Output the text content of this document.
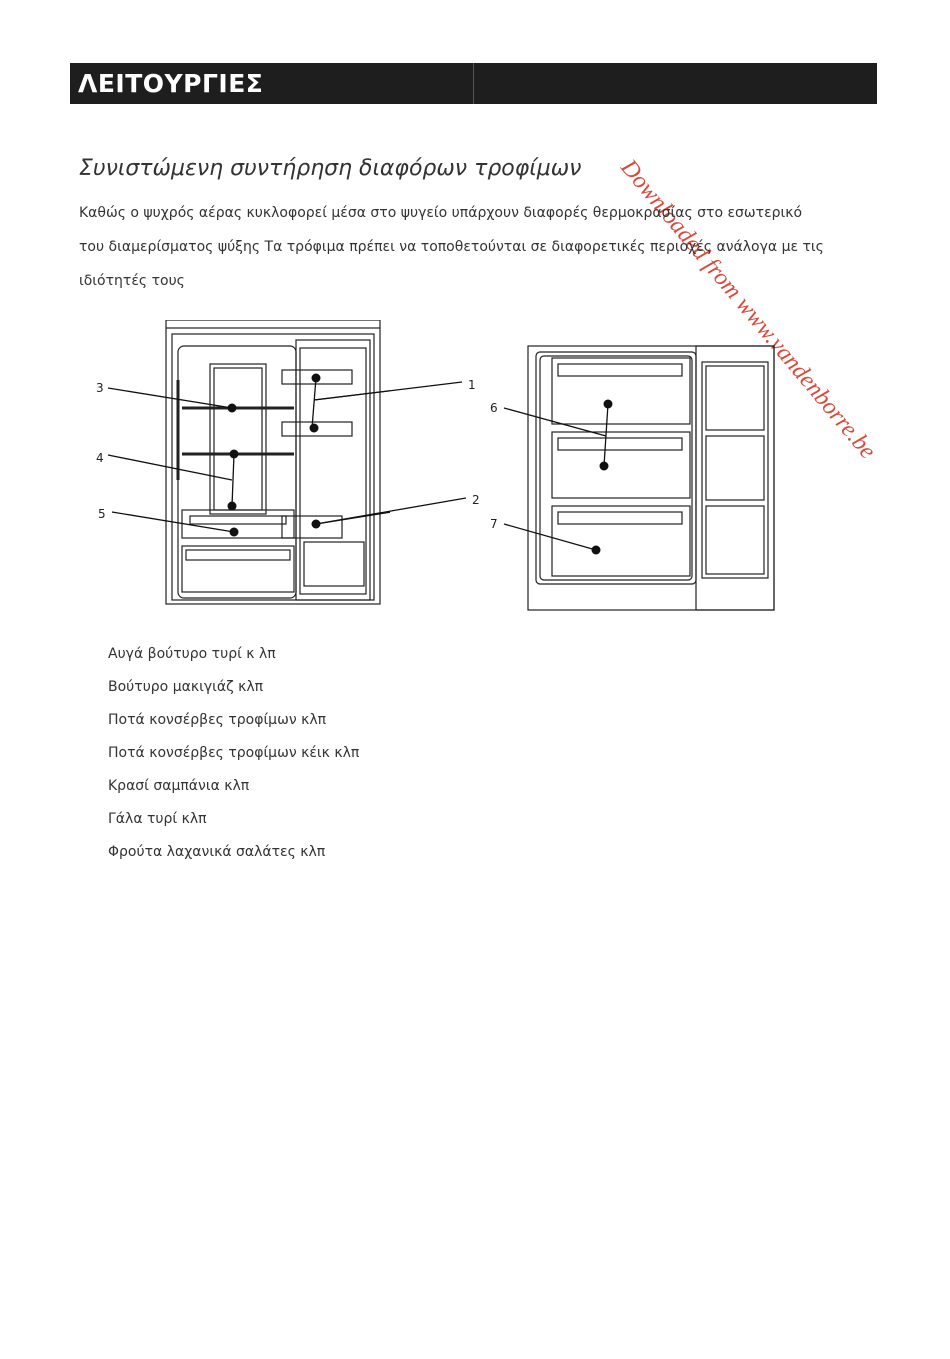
ΛΕΙΤΟΥΡΓΙΕΣ
Downloaded from www.vandenborre.be
Συνιστώμενη συντήρηση διαφόρων τροφίμων
Καθώς ο ψυχρός αέρας κυκλοφορεί μέσα στο ψυγείο υπάρχουν διαφορές θερμοκρασίας στο εσωτερικό
του διαμερίσματος ψύξης Τα τρόφιμα πρέπει να τοποθετούνται σε διαφορετικές περιοχές ανάλογα με τις
ιδιότητές τους
3
4
5
1
2
6
7
Αυγά βούτυρο τυρί κ λπ
Βούτυρο μακιγιάζ κλπ
Ποτά κονσέρβες τροφίμων κλπ
Ποτά κονσέρβες τροφίμων κέικ κλπ
Κρασί σαμπάνια κλπ
Γάλα τυρί κλπ
Φρούτα λαχανικά σαλάτες κλπ
